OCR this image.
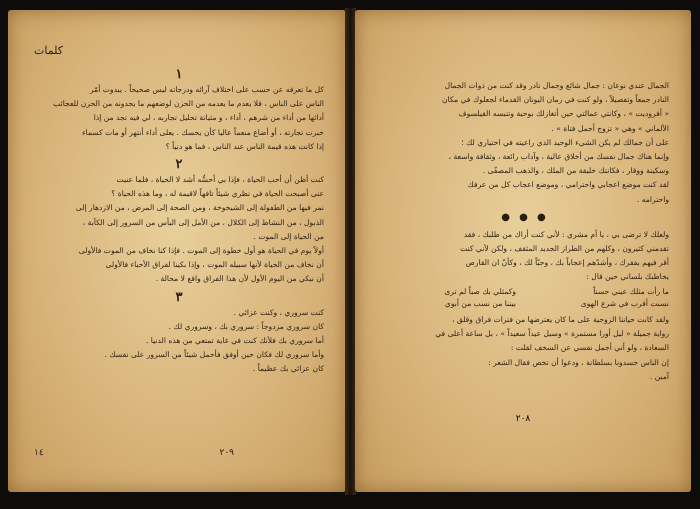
كلمات
١

كل ما تعرفه عن حسب على اختلاف آرائه ودرجاته ليس صحيحاً . يبدوت أمّر

الناس على الناس ، فلا يعدم ما يعدمه من الحزن لوضعهم ما يجدونه من الحزن للعجائب

أدائها من أداء من شرهم ، أداء ، و مثياتة تحليل تجاربه ، لي فيه تجد من إذا

خبرت تجارته ، أو أضاع منعماً عاليا كأن يحسك . يعلى أداء أنتهر أو مات كسماء

إذا كانت هذه قيمة الناس عند الناس ، فما هو دنياً ؟

٢

كنت أظن أن أحب الحياة ، فإذا بي أحسُّه أشد لا الحياة ، فلما عنيت

عنى أصبحت الحياة في نظري شيئاً تافهاً لاقيمة له ، وما هذه الحياة ؟

نمر فيها من الطفولة إلى الشيخوخة ، ومن الصحة إلى المرض ، من الازدهار إلى

الذبول ، من النشاط إلى الكلال ، من الأمل إلى اليأس من السرور إلى الكآبة ،

من الحياة إلى الموت .

أولاً يوم في الحياة هو أول خطوة إلى الموت . فإذا كنا نخاف من الموت فالأولى

أن نخاف من الحياة لأنها سبيله الموت ، وإذا بكينا لفراق الأحباء فالأولى

أن نبكي من اليوم الأول لأن هذا الفراق واقع لا محالة .

٣

كنت سروري ، وكنت عزائي .

كان سروري مزدوجاً : سروري بك ، وسروري لك .

أما سروري بك فلأنك كنت في غاية تمتعي من هذه الدنيا .

وأما سروري لك فكان حين أوفق فأحمل شيئاً من السرور على نفسك .

كان عزائي بك عظيماً .

١٤	٢٠٩

الجمال عندي نوعان : جمال شائع وجمال نادر وقد كنت من ذوات الجمال

النادر جمعاً وتفصيلاً ، ولو كنت في زمان اليونان القدماء لجعلوك في مكان

« أفروديت » ، وكانتي عمالتي حين أتغازلك بوحية وتتبسه القيلسوف

الألماني » وهي « تزوج أجمل فتاة » .

على أن جمالك لم يكن الشيء الوحيد الذي راعيته في اختياري لك ؛

وإنما هناك جمال نفسك من أخلاق عالية ، وآداب رائعة ، وثقافة واسعة ،

وسكينة ووقار ، فكانتك خليقة من الملك ، والذهب المصفّى .

لقد كنت موضع اعجابي واحترامي ، وموضع اعجاب كل من عرفك

واحترامه .

● ● ●

ولعلك لا ترضى بي ، يا أم مشري : لأني كنت أراك من طلبك ، فقد

تقدمني كثيرون ، وكلهم من الطراز الجديد المثقف ، ولكن لأني كنت

أقر فيهم بفقرك ، وأشدّهم إعجاباً بك ، وحبّاً لك ، وكأنّ ان القارص

يخاطبك بلساني حين قال :

ما رأت مثلك عيني حسناً
وكمثلي بك صباً لم ترى
نسبت أقرب في شرع الهوى
بيننا من نسب من أبوي

ولقد كانت حياتنا الزوجية على ما كان يعترضها من فترات فراق وقلق ،

رواية جميلة « ليل أورا مستمرة » وسيل عيداً سعيداً » ، بل ساعة أعلى في

السعادة ، ولو أني أجمل نفسي عن السخف لقلت :

إن الناس حسدونا بسلطانة ، ودعوا أن تخص فقال الشعر :

آمين .

٢٠٨
